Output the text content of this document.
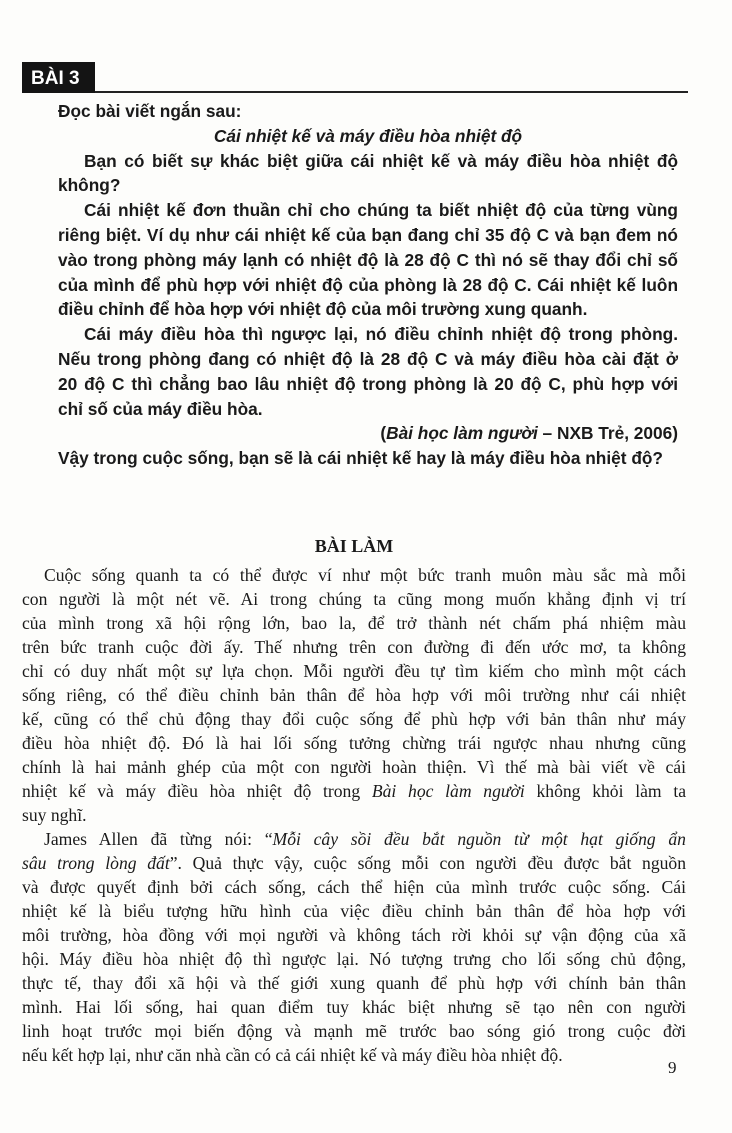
BÀI 3
Đọc bài viết ngắn sau:
Cái nhiệt kế và máy điều hòa nhiệt độ
Bạn có biết sự khác biệt giữa cái nhiệt kế và máy điều hòa nhiệt độ
không?
Cái nhiệt kế đơn thuần chỉ cho chúng ta biết nhiệt độ của từng vùng
riêng biệt. Ví dụ như cái nhiệt kế của bạn đang chỉ 35 độ C và bạn đem nó
vào trong phòng máy lạnh có nhiệt độ là 28 độ C thì nó sẽ thay đổi chỉ số
của mình để phù hợp với nhiệt độ của phòng là 28 độ C. Cái nhiệt kế luôn
điều chỉnh để hòa hợp với nhiệt độ của môi trường xung quanh.
Cái máy điều hòa thì ngược lại, nó điều chỉnh nhiệt độ trong phòng.
Nếu trong phòng đang có nhiệt độ là 28 độ C và máy điều hòa cài đặt ở
20 độ C thì chẳng bao lâu nhiệt độ trong phòng là 20 độ C, phù hợp với
chỉ số của máy điều hòa.
(Bài học làm người – NXB Trẻ, 2006)
Vậy trong cuộc sống, bạn sẽ là cái nhiệt kế hay là máy điều hòa nhiệt độ?
BÀI LÀM
Cuộc sống quanh ta có thể được ví như một bức tranh muôn màu sắc mà mỗi
con người là một nét vẽ. Ai trong chúng ta cũng mong muốn khẳng định vị trí
của mình trong xã hội rộng lớn, bao la, để trở thành nét chấm phá nhiệm màu
trên bức tranh cuộc đời ấy. Thế nhưng trên con đường đi đến ước mơ, ta không
chỉ có duy nhất một sự lựa chọn. Mỗi người đều tự tìm kiếm cho mình một cách
sống riêng, có thể điều chỉnh bản thân để hòa hợp với môi trường như cái nhiệt
kế, cũng có thể chủ động thay đổi cuộc sống để phù hợp với bản thân như máy
điều hòa nhiệt độ. Đó là hai lối sống tưởng chừng trái ngược nhau nhưng cũng
chính là hai mảnh ghép của một con người hoàn thiện. Vì thế mà bài viết về cái
nhiệt kế và máy điều hòa nhiệt độ trong Bài học làm người không khỏi làm ta
suy nghĩ.
James Allen đã từng nói: “Mỗi cây sồi đều bắt nguồn từ một hạt giống ẩn
sâu trong lòng đất”. Quả thực vậy, cuộc sống mỗi con người đều được bắt nguồn
và được quyết định bởi cách sống, cách thể hiện của mình trước cuộc sống. Cái
nhiệt kế là biểu tượng hữu hình của việc điều chỉnh bản thân để hòa hợp với
môi trường, hòa đồng với mọi người và không tách rời khỏi sự vận động của xã
hội. Máy điều hòa nhiệt độ thì ngược lại. Nó tượng trưng cho lối sống chủ động,
thực tế, thay đổi xã hội và thế giới xung quanh để phù hợp với chính bản thân
mình. Hai lối sống, hai quan điểm tuy khác biệt nhưng sẽ tạo nên con người
linh hoạt trước mọi biến động và mạnh mẽ trước bao sóng gió trong cuộc đời
nếu kết hợp lại, như căn nhà cần có cả cái nhiệt kế và máy điều hòa nhiệt độ.
9
